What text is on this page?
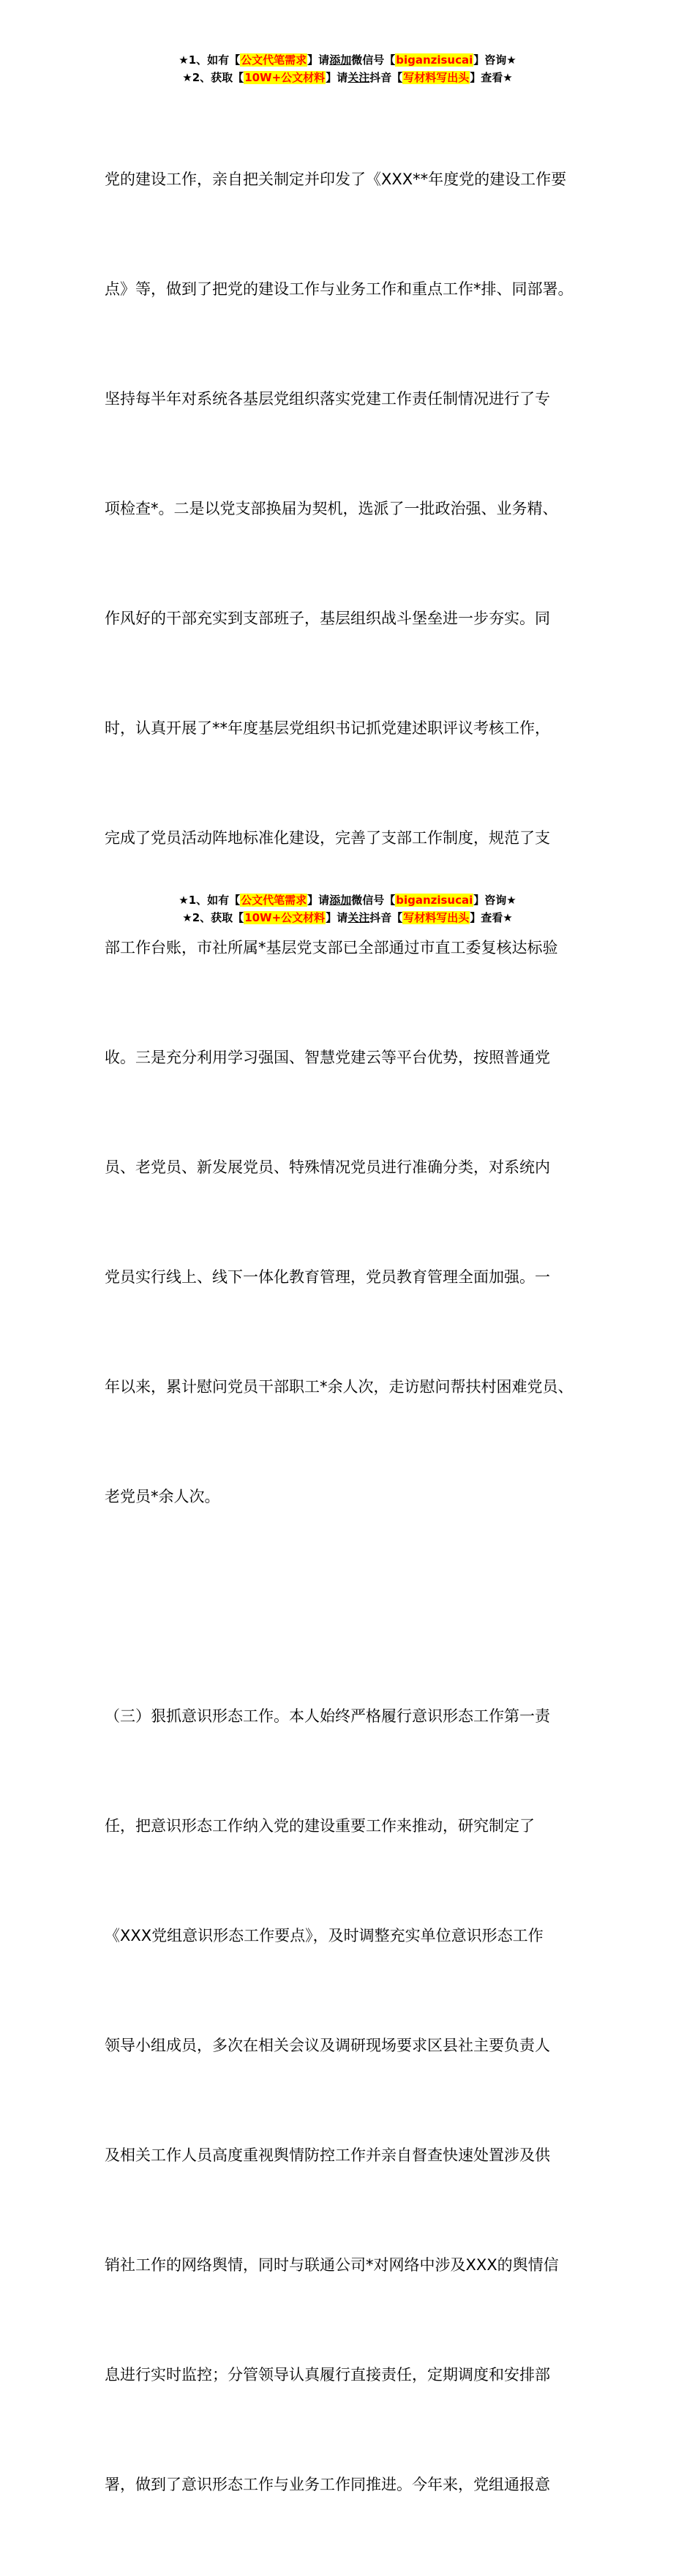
★1、如有【公文代笔需求】请添加微信号【biganzisucai】咨询★
★2、获取【10W+公文材料】请关注抖音【写材料写出头】查看★

党的建设工作，亲自把关制定并印发了《XXX**年度党的建设工作要

点》等，做到了把党的建设工作与业务工作和重点工作*排、同部署。

坚持每半年对系统各基层党组织落实党建工作责任制情况进行了专

项检查*。二是以党支部换届为契机，选派了一批政治强、业务精、

作风好的干部充实到支部班子，基层组织战斗堡垒进一步夯实。同

时，认真开展了**年度基层党组织书记抓党建述职评议考核工作，

完成了党员活动阵地标准化建设，完善了支部工作制度，规范了支

部工作台账，市社所属*基层党支部已全部通过市直工委复核达标验

收。三是充分利用学习强国、智慧党建云等平台优势，按照普通党

员、老党员、新发展党员、特殊情况党员进行准确分类，对系统内

党员实行线上、线下一体化教育管理，党员教育管理全面加强。一

年以来，累计慰问党员干部职工*余人次，走访慰问帮扶村困难党员、

老党员*余人次。

（三）狠抓意识形态工作。本人始终严格履行意识形态工作第一责

任，把意识形态工作纳入党的建设重要工作来推动，研究制定了

《XXX党组意识形态工作要点》，及时调整充实单位意识形态工作

领导小组成员，多次在相关会议及调研现场要求区县社主要负责人

及相关工作人员高度重视舆情防控工作并亲自督查快速处置涉及供

销社工作的网络舆情，同时与联通公司*对网络中涉及XXX的舆情信

息进行实时监控；分管领导认真履行直接责任，定期调度和安排部

署，做到了意识形态工作与业务工作同推进。今年来，党组通报意

★1、如有【公文代笔需求】请添加微信号【biganzisucai】咨询★
★2、获取【10W+公文材料】请关注抖音【写材料写出头】查看★
